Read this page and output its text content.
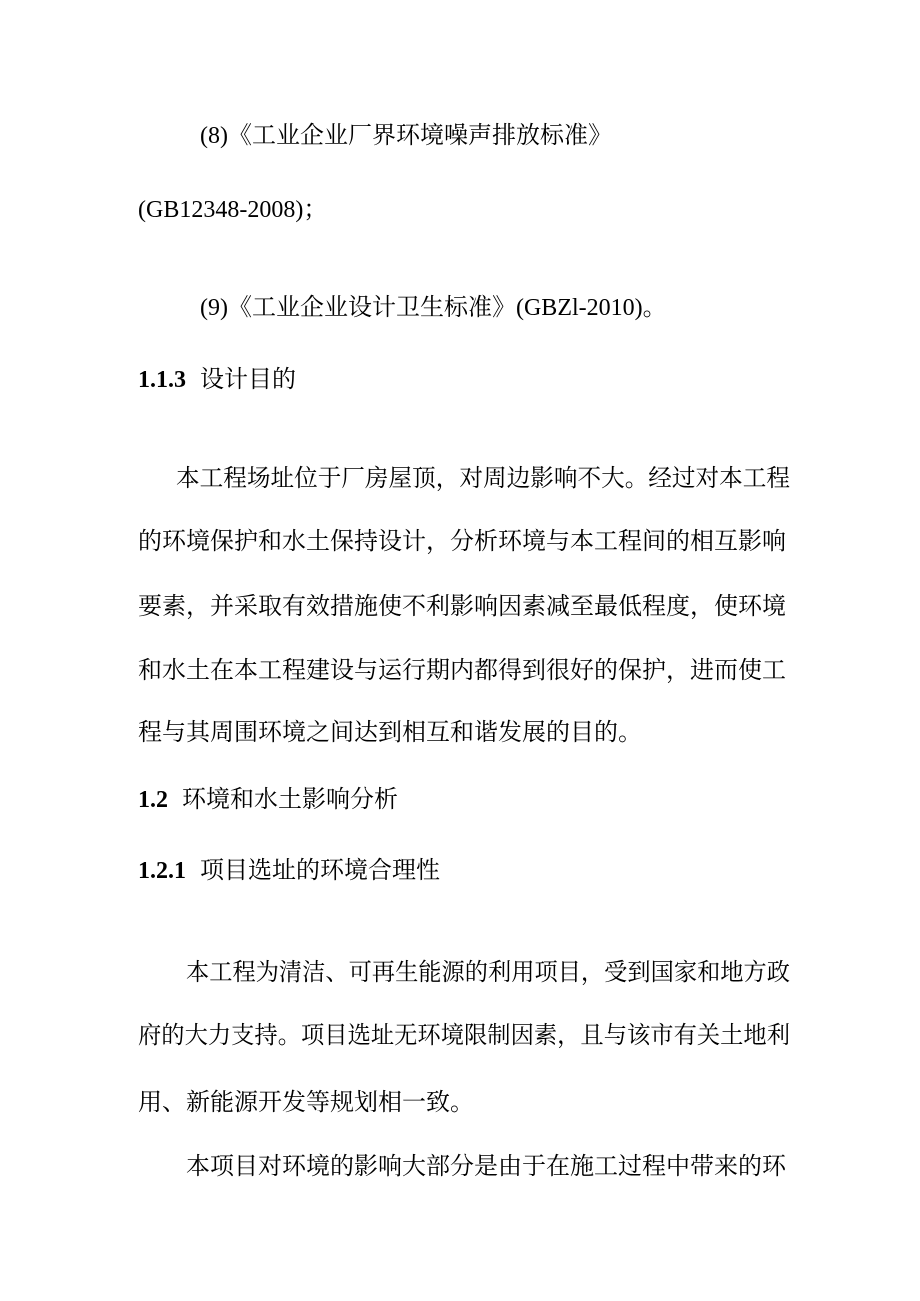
(8)《工业企业厂界环境噪声排放标准》
(GB12348-2008)；
(9)《工业企业设计卫生标准》(GBZl-2010)。
1.1.3 设计目的
本工程场址位于厂房屋顶，对周边影响不大。经过对本工程
的环境保护和水土保持设计，分析环境与本工程间的相互影响
要素，并采取有效措施使不利影响因素减至最低程度，使环境
和水土在本工程建设与运行期内都得到很好的保护，进而使工
程与其周围环境之间达到相互和谐发展的目的。
1.2 环境和水土影响分析
1.2.1 项目选址的环境合理性
本工程为清洁、可再生能源的利用项目，受到国家和地方政
府的大力支持。项目选址无环境限制因素，且与该市有关土地利
用、新能源开发等规划相一致。
本项目对环境的影响大部分是由于在施工过程中带来的环
